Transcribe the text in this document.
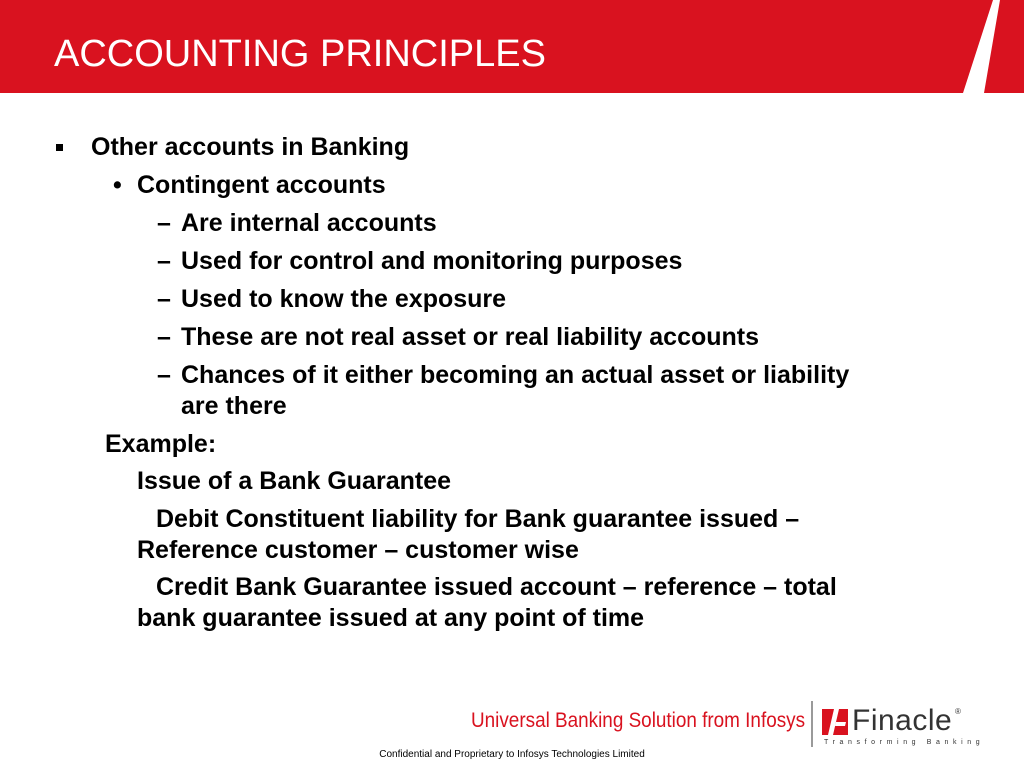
ACCOUNTING PRINCIPLES
Other accounts in Banking
• Contingent accounts
– Are internal accounts
– Used for control and monitoring purposes
– Used to know the exposure
– These are not real asset or real liability accounts
– Chances of it either becoming an actual asset or liability
are there
Example:
Issue of a Bank Guarantee
Debit Constituent liability for Bank guarantee issued –
Reference customer – customer wise
Credit Bank Guarantee issued account – reference – total
bank guarantee issued at any point of time
Universal Banking Solution from Infosys Finacle ®
Transforming Banking
Confidential and Proprietary to Infosys Technologies Limited
